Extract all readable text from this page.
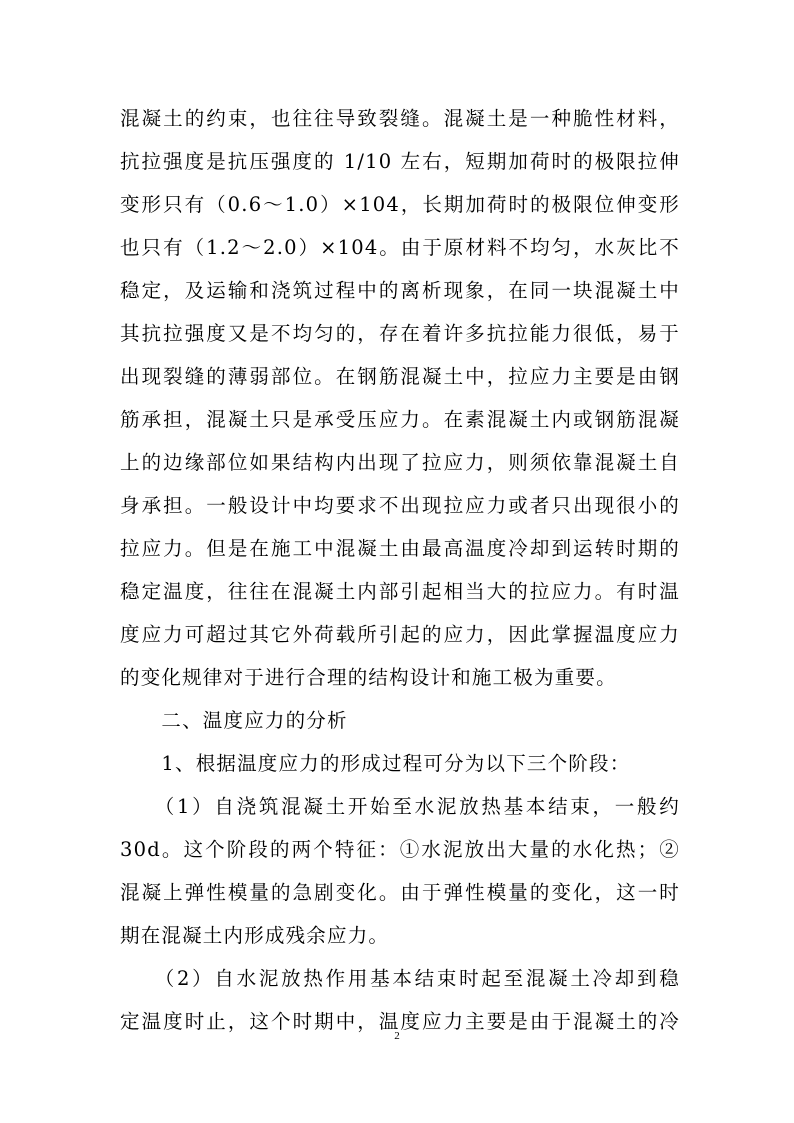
混凝土的约束，也往往导致裂缝。混凝土是一种脆性材料，
抗拉强度是抗压强度的 1/10 左右，短期加荷时的极限拉伸
变形只有（0.6～1.0）×104，长期加荷时的极限位伸变形
也只有（1.2～2.0）×104。由于原材料不均匀，水灰比不
稳定，及运输和浇筑过程中的离析现象，在同一块混凝土中
其抗拉强度又是不均匀的，存在着许多抗拉能力很低，易于
出现裂缝的薄弱部位。在钢筋混凝土中，拉应力主要是由钢
筋承担，混凝土只是承受压应力。在素混凝土内或钢筋混凝
上的边缘部位如果结构内出现了拉应力，则须依靠混凝土自
身承担。一般设计中均要求不出现拉应力或者只出现很小的
拉应力。但是在施工中混凝土由最高温度冷却到运转时期的
稳定温度，往往在混凝土内部引起相当大的拉应力。有时温
度应力可超过其它外荷载所引起的应力，因此掌握温度应力
的变化规律对于进行合理的结构设计和施工极为重要。
　　二、温度应力的分析
　　1、根据温度应力的形成过程可分为以下三个阶段：
　　（1）自浇筑混凝土开始至水泥放热基本结束，一般约
30d。这个阶段的两个特征：①水泥放出大量的水化热；②
混凝上弹性模量的急剧变化。由于弹性模量的变化，这一时
期在混凝土内形成残余应力。
　　（2）自水泥放热作用基本结束时起至混凝土冷却到稳
定温度时止，这个时期中，温度应力主要是由于混凝土的冷
2
